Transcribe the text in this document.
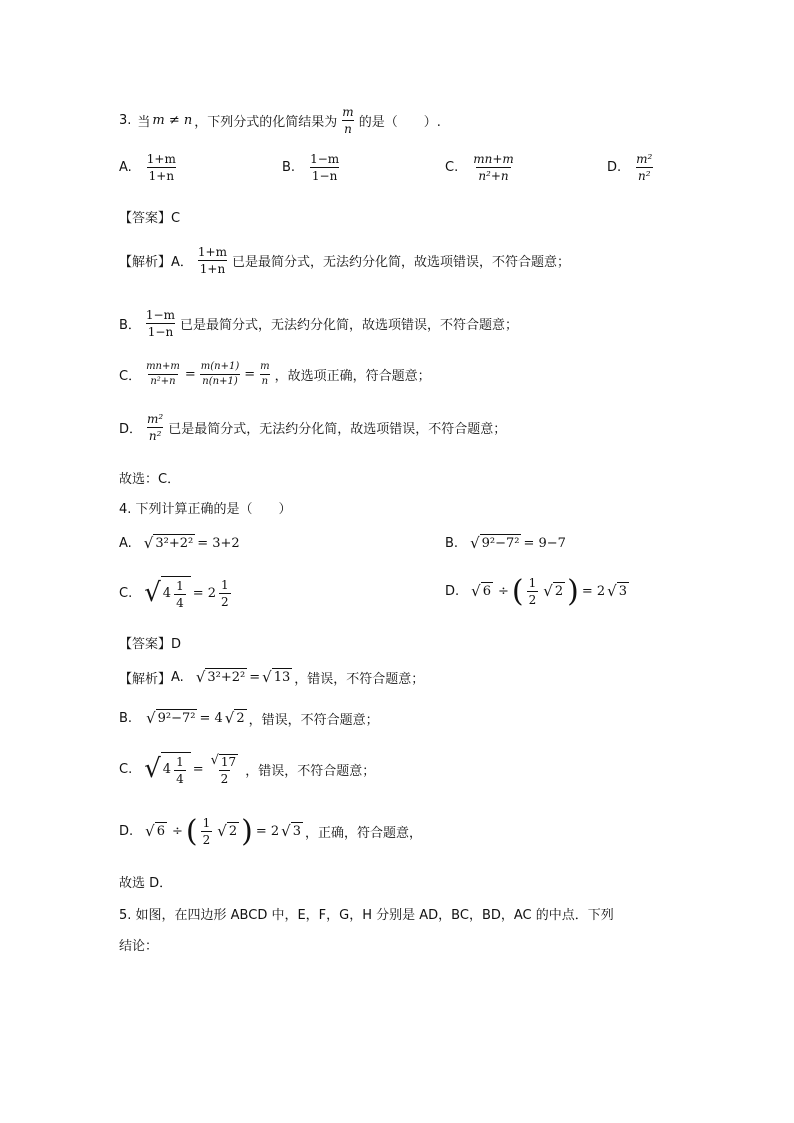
3. 当 m ≠ n ，下列分式的化简结果为 $\frac{m}{n}$ 的是（　　）.
A. $\frac{1+m}{1+n}$	B. $\frac{1-m}{1-n}$	C. $\frac{mn+m}{\text{n²+n}}$	D. $\frac{\text{m²}}{\text{n²}}$
【答案】C
【解析】 A． $\frac{1+m}{1+n}$ 已是最简分式，无法约分化简，故选项错误，不符合题意；
B． $\frac{1-m}{1-n}$ 已是最简分式，无法约分化简，故选项错误，不符合题意；
C． $\frac{mn+m}{\text{n²+n}} = \frac{m(n+1)}{n(n+1)} = \frac{m}{n}$ ，故选项正确，符合题意；
D． $\frac{\text{m²}}{\text{n²}}$ 已是最简分式，无法约分化简，故选项错误，不符合题意；
故选：C．
4. 下列计算正确的是（　　）
A. √ 3²+2² = 3+2	B. √ 9²−7² = 9−7
C. √ $4 \frac{1}{4} = 2 \frac{1}{2}$	D. √ 6 ÷ ( $\frac{1}{2}$ √ 2 ) = 2 √ 3
【答案】D
【解析】 A. √ 3²+2² = √ 13 ，错误，不符合题意；
B. √ 9²−7² = 4 √ 2 ，错误，不符合题意；
C. √ $4 \frac{1}{4} = \frac{√ 17}{2}$ ，错误，不符合题意；
D. √ 6 ÷ ( $\frac{1}{2}$ √ 2 ) = 2 √ 3 ，正确，符合题意，
故选 D．
5. 如图，在四边形 ABCD 中，E，F，G，H 分别是 AD，BC，BD，AC 的中点．下列
结论：
